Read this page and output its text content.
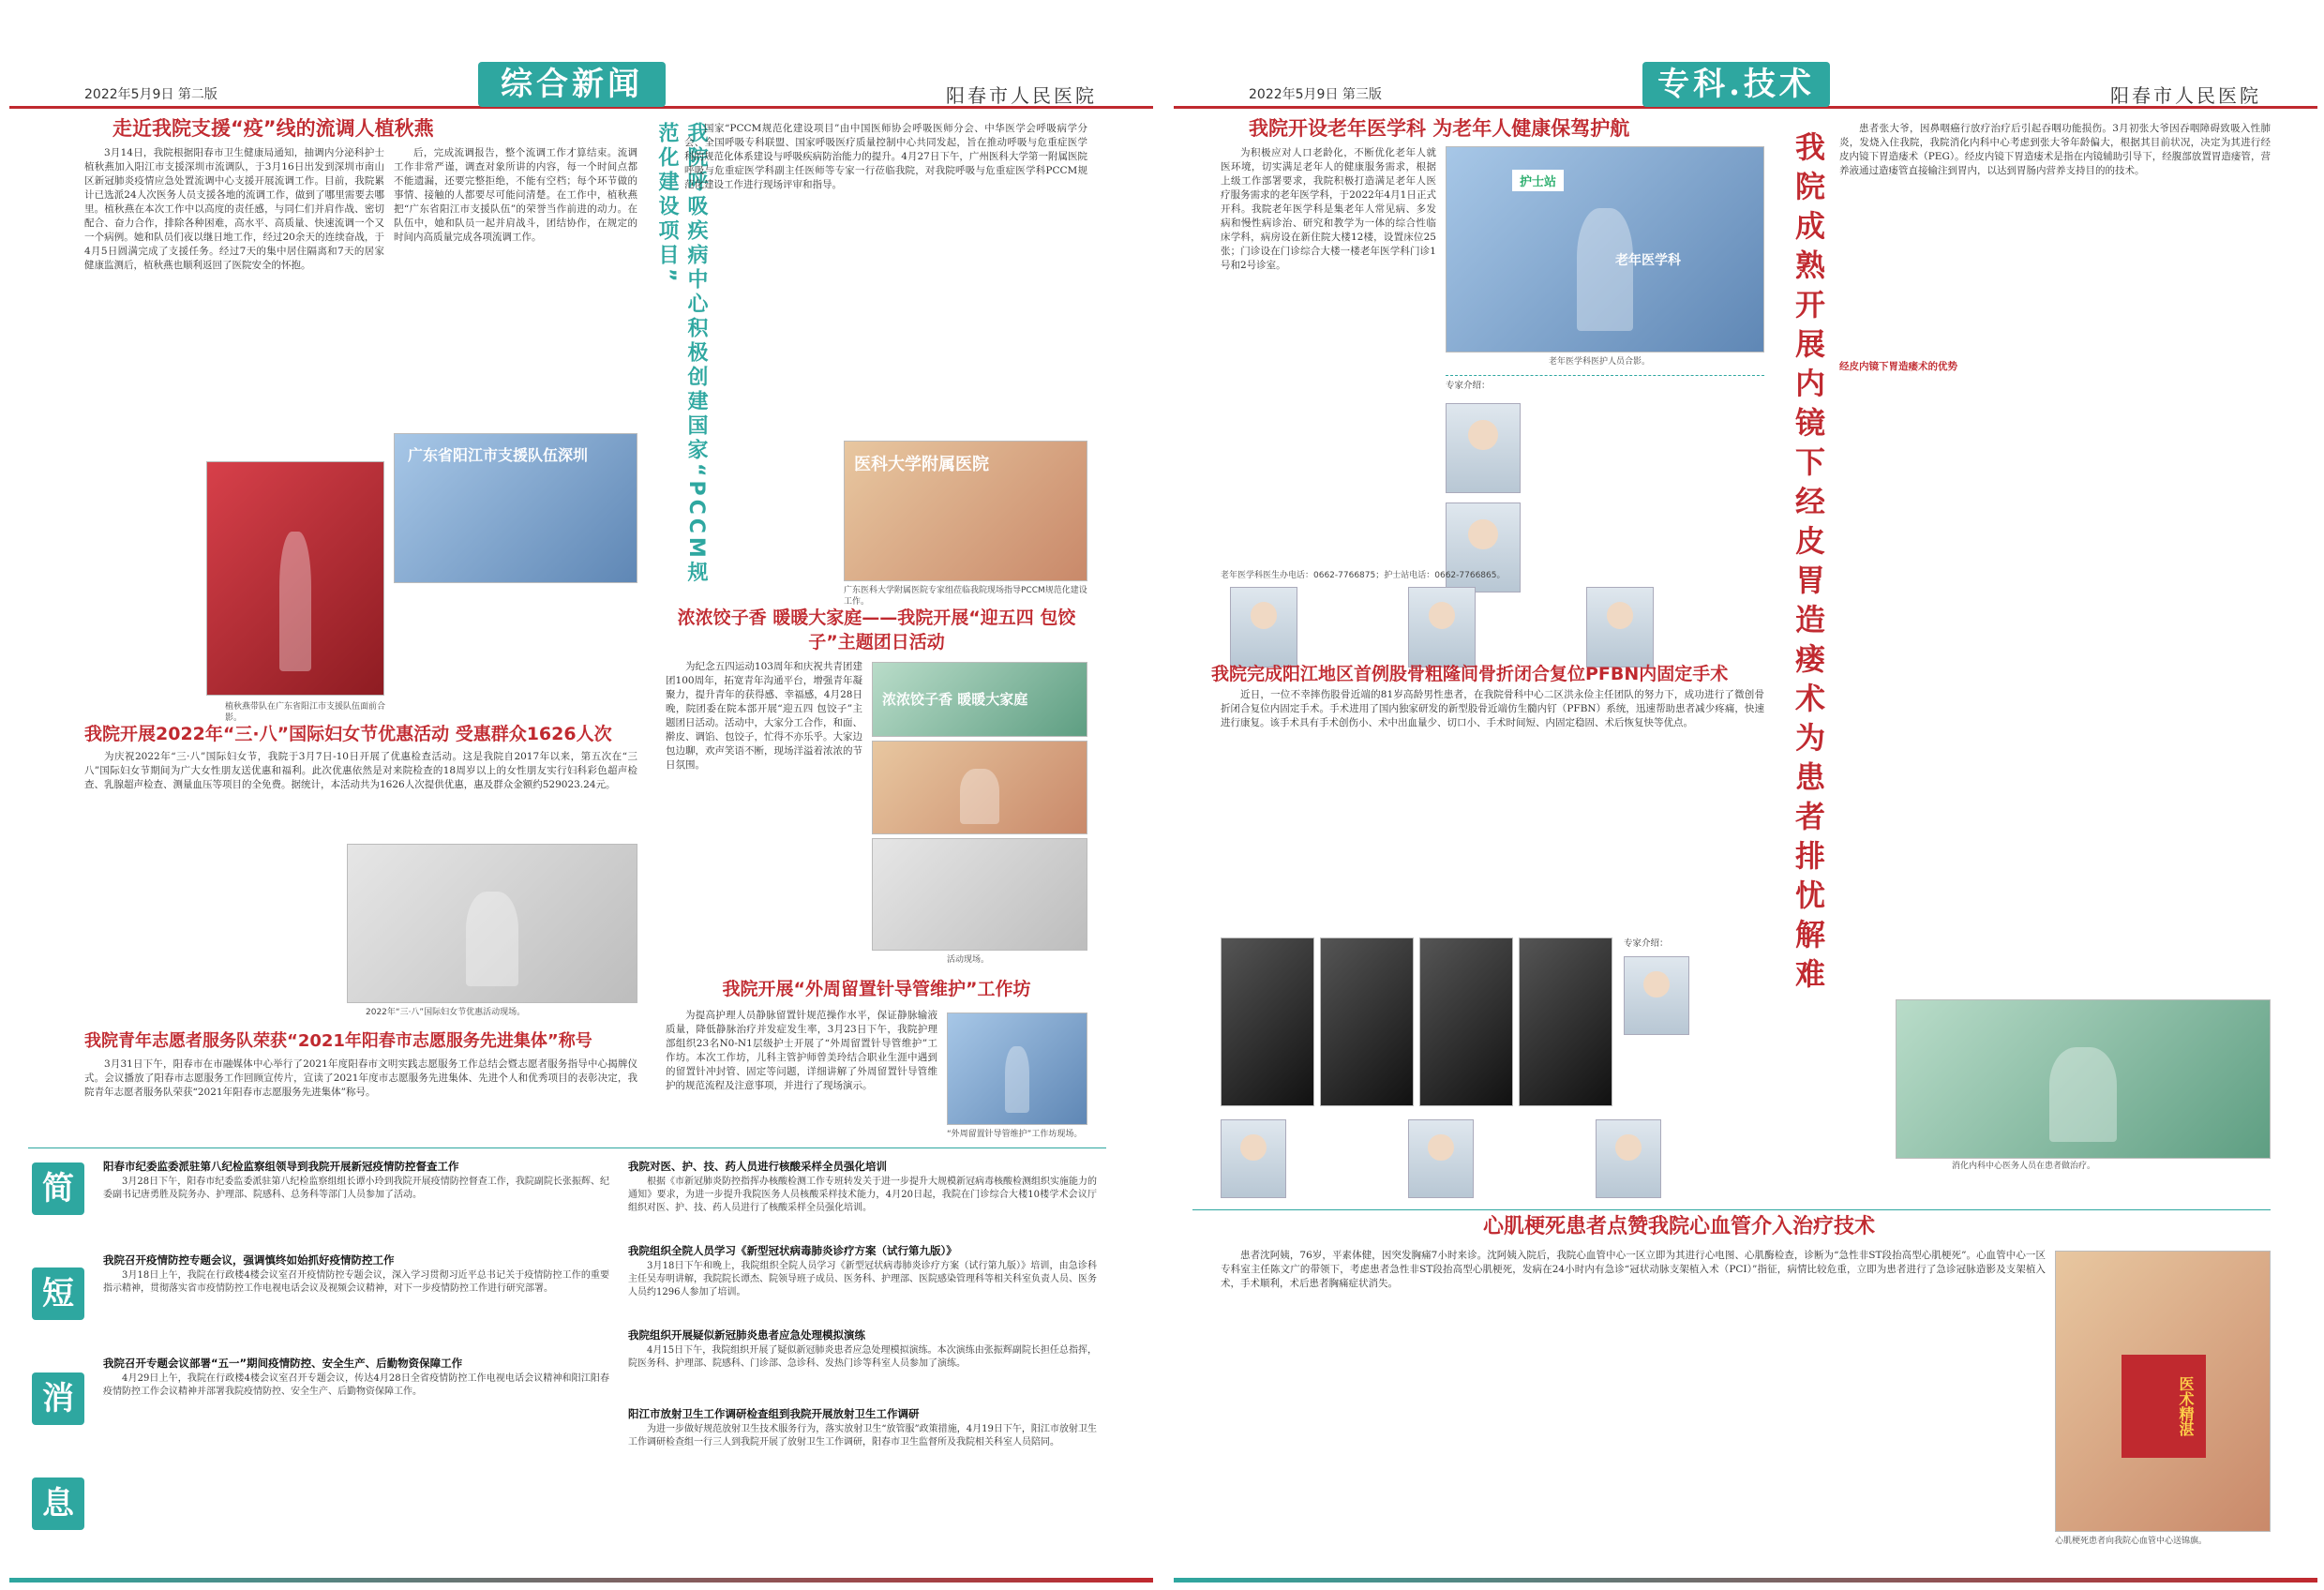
2022年5月9日 第二版	综合新闻	阳春市人民医院
走近我院支援“疫”线的流调人植秋燕

3月14日，我院根据阳春市卫生健康局通知，抽调内分泌科护士植秋燕加入阳江市支援深圳市流调队，于3月16日出发到深圳市南山区新冠肺炎疫情应急处置流调中心支援开展流调工作。目前，我院累计已选派24人次医务人员支援各地的流调工作，做到了哪里需要去哪里。植秋燕在本次工作中以高度的责任感，与同仁们并肩作战、密切配合、奋力合作，排除各种困难，高水平、高质量、快速流调一个又一个病例。她和队员们夜以继日地工作，经过20余天的连续奋战，于4月5日圆满完成了支援任务。经过7天的集中居住隔离和7天的居家健康监测后，植秋燕也顺利返回了医院安全的怀抱。

后，完成流调报告，整个流调工作才算结束。流调工作非常严谨，调查对象所讲的内容，每一个时间点都不能遗漏，还要完整拒绝，不能有空档；每个环节做的事情、接触的人都要尽可能问清楚。在工作中，植秋燕把“广东省阳江市支援队伍”的荣誉当作前进的动力。在队伍中，她和队员一起并肩战斗，团结协作，在规定的时间内高质量完成各项流调工作。

广东省阳江市支援队伍深圳
植秋燕带队在广东省阳江市支援队伍面前合影。
我院开展2022年“三·八”国际妇女节优惠活动 受惠群众1626人次

为庆祝2022年“三·八”国际妇女节，我院于3月7日-10日开展了优惠检查活动。这是我院自2017年以来，第五次在“三八”国际妇女节期间为广大女性朋友送优惠和福利。此次优惠依然是对来院检查的18周岁以上的女性朋友实行妇科彩色超声检查、乳腺超声检查、测量血压等项目的全免费。据统计，本活动共为1626人次提供优惠，惠及群众金额约529023.24元。

2022年“三·八”国际妇女节优惠活动现场。
我院青年志愿者服务队荣获“2021年阳春市志愿服务先进集体”称号

3月31日下午，阳春市在市融媒体中心举行了2021年度阳春市文明实践志愿服务工作总结会暨志愿者服务指导中心揭牌仪式。会议播放了阳春市志愿服务工作回顾宣传片，宣读了2021年度市志愿服务先进集体、先进个人和优秀项目的表彰决定，我院青年志愿者服务队荣获“2021年阳春市志愿服务先进集体”称号。

我院呼吸疾病中心积极创建国家“PCCM规范化建设项目”	国家“PCCM规范化建设项目”由中国医师协会呼吸医师分会、中华医学会呼吸病学分会、全国呼吸专科联盟、国家呼吸医疗质量控制中心共同发起，旨在推动呼吸与危重症医学科的规范化体系建设与呼吸疾病防治能力的提升。4月27日下午，广州医科大学第一附属医院呼吸与危重症医学科副主任医师等专家一行莅临我院，对我院呼吸与危重症医学科PCCM规范化建设工作进行现场评审和指导。

医科大学附属医院
广东医科大学附属医院专家组莅临我院现场指导PCCM规范化建设工作。
浓浓饺子香 暖暖大家庭——我院开展“迎五四 包饺子”主题团日活动

为纪念五四运动103周年和庆祝共青团建团100周年，拓宽青年沟通平台，增强青年凝聚力，提升青年的获得感、幸福感，4月28日晚，院团委在院本部开展“迎五四 包饺子”主题团日活动。活动中，大家分工合作，和面、擀皮、调馅、包饺子，忙得不亦乐乎。大家边包边聊，欢声笑语不断，现场洋溢着浓浓的节日氛围。

浓浓饺子香 暖暖大家庭
活动现场。
我院开展“外周留置针导管维护”工作坊

为提高护理人员静脉留置针规范操作水平，保证静脉输液质量，降低静脉治疗并发症发生率，3月23日下午，我院护理部组织23名N0-N1层级护士开展了“外周留置针导管维护”工作坊。本次工作坊，儿科主管护师曾美玲结合职业生涯中遇到的留置针冲封管、固定等问题，详细讲解了外周留置针导管维护的规范流程及注意事项，并进行了现场演示。

“外周留置针导管维护”工作坊现场。
简
短
消
息
阳春市纪委监委派驻第八纪检监察组领导到我院开展新冠疫情防控督查工作
3月28日下午，阳春市纪委监委派驻第八纪检监察组组长谭小玲到我院开展疫情防控督查工作，我院副院长张振辉、纪委副书记唐勇胜及院务办、护理部、院感科、总务科等部门人员参加了活动。
我院召开疫情防控专题会议，强调慎终如始抓好疫情防控工作
3月18日上午，我院在行政楼4楼会议室召开疫情防控专题会议，深入学习贯彻习近平总书记关于疫情防控工作的重要指示精神，贯彻落实省市疫情防控工作电视电话会议及视频会议精神，对下一步疫情防控工作进行研究部署。
我院召开专题会议部署“五一”期间疫情防控、安全生产、后勤物资保障工作
4月29日上午，我院在行政楼4楼会议室召开专题会议，传达4月28日全省疫情防控工作电视电话会议精神和阳江阳春疫情防控工作会议精神并部署我院疫情防控、安全生产、后勤物资保障工作。
我院对医、护、技、药人员进行核酸采样全员强化培训
根据《市新冠肺炎防控指挥办核酸检测工作专班转发关于进一步提升大规模新冠病毒核酸检测组织实施能力的通知》要求，为进一步提升我院医务人员核酸采样技术能力，4月20日起，我院在门诊综合大楼10楼学术会议厅组织对医、护、技、药人员进行了核酸采样全员强化培训。
我院组织全院人员学习《新型冠状病毒肺炎诊疗方案（试行第九版）》
3月18日下午和晚上，我院组织全院人员学习《新型冠状病毒肺炎诊疗方案（试行第九版）》培训，由急诊科主任吴寿明讲解，我院院长谭杰、院领导班子成员、医务科、护理部、医院感染管理科等相关科室负责人员、医务人员约1296人参加了培训。
我院组织开展疑似新冠肺炎患者应急处理模拟演练
4月15日下午，我院组织开展了疑似新冠肺炎患者应急处理模拟演练。本次演练由张振辉副院长担任总指挥，院医务科、护理部、院感科、门诊部、急诊科、发热门诊等科室人员参加了演练。
阳江市放射卫生工作调研检查组到我院开展放射卫生工作调研
为进一步做好规范放射卫生技术服务行为，落实放射卫生“放管服”政策措施，4月19日下午，阳江市放射卫生工作调研检查组一行三人到我院开展了放射卫生工作调研，阳春市卫生监督所及我院相关科室人员陪同。
2022年5月9日 第三版	专科.技术	阳春市人民医院
我院开设老年医学科 为老年人健康保驾护航

为积极应对人口老龄化，不断优化老年人就医环境，切实满足老年人的健康服务需求，根据上级工作部署要求，我院积极打造满足老年人医疗服务需求的老年医学科，于2022年4月1日正式开科。我院老年医学科是集老年人常见病、多发病和慢性病诊治、研究和教学为一体的综合性临床学科，病房设在新住院大楼12楼，设置床位25张；门诊设在门诊综合大楼一楼老年医学科门诊1号和2号诊室。

护士站
老年医学科
老年医学科医护人员合影。
专家介绍：
老年医学科医生办电话：0662-7766875；护士站电话：0662-7766865。	我院成熟开展内镜下经皮胃造瘘术为患者排忧解难

患者张大爷，因鼻咽癌行放疗治疗后引起吞咽功能损伤。3月初张大爷因吞咽障碍致吸入性肺炎，发烧入住我院，我院消化内科中心考虑到张大爷年龄偏大，根据其目前状况，决定为其进行经皮内镜下胃造瘘术（PEG）。经皮内镜下胃造瘘术是指在内镜辅助引导下，经腹部放置胃造瘘管，营养液通过造瘘管直接输注到胃内，以达到胃肠内营养支持目的的技术。

经皮内镜下胃造瘘术的优势
消化内科中心医务人员在患者做治疗。
我院完成阳江地区首例股骨粗隆间骨折闭合复位PFBN内固定手术

近日，一位不幸摔伤股骨近端的81岁高龄男性患者，在我院骨科中心二区洪永俭主任团队的努力下，成功进行了微创骨折闭合复位内固定手术。手术进用了国内独家研发的新型股骨近端仿生髓内钉（PFBN）系统，迅速帮助患者减少疼痛，快速进行康复。该手术具有手术创伤小、术中出血量少、切口小、手术时间短、内固定稳固、术后恢复快等优点。

专家介绍：
心肌梗死患者点赞我院心血管介入治疗技术

患者沈阿姨，76岁，平素体健，因突发胸痛7小时来诊。沈阿姨入院后，我院心血管中心一区立即为其进行心电图、心肌酶检查，诊断为“急性非ST段抬高型心肌梗死”。心血管中心一区专科室主任陈文广的带领下，考虑患者急性非ST段抬高型心肌梗死，发病在24小时内有急诊“冠状动脉支架植入术（PCI）”指征，病情比较危重，立即为患者进行了急诊冠脉造影及支架植入术，手术顺利，术后患者胸痛症状消失。

医术精湛
心肌梗死患者向我院心血管中心送锦旗。
